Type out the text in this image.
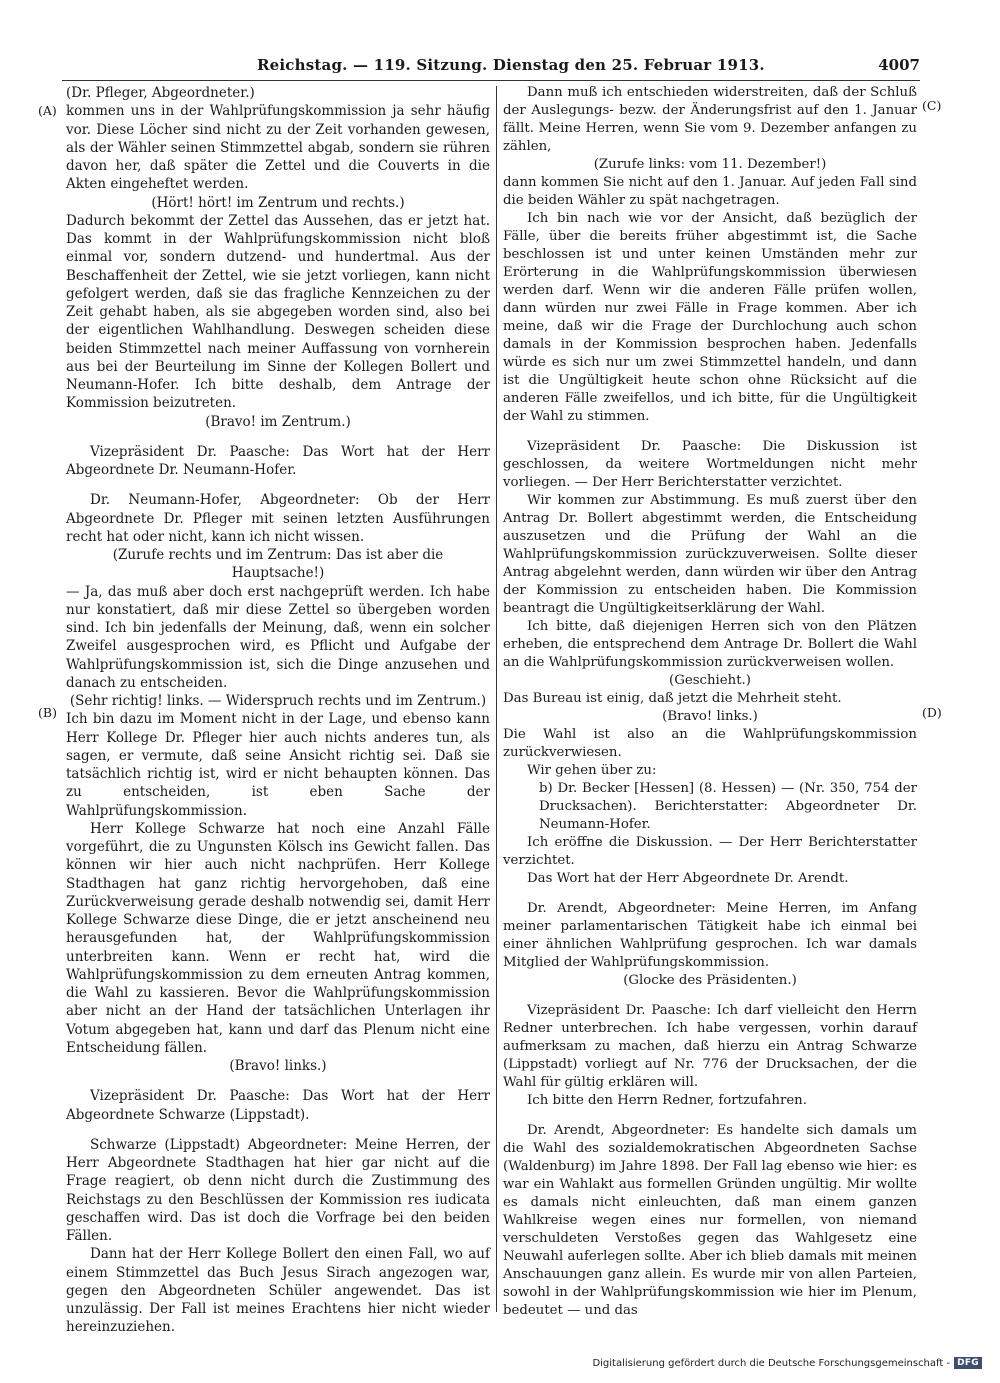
Reichstag. — 119. Sitzung. Dienstag den 25. Februar 1913.	4007
(A)
(B)
(C)
(D)

(Dr. Pfleger, Abgeordneter.)

kommen uns in der Wahlprüfungskommission ja sehr häufig vor. Diese Löcher sind nicht zu der Zeit vorhanden gewesen, als der Wähler seinen Stimmzettel abgab, sondern sie rühren davon her, daß später die Zettel und die Couverts in die Akten eingeheftet werden.

(Hört! hört! im Zentrum und rechts.)

Dadurch bekommt der Zettel das Aussehen, das er jetzt hat. Das kommt in der Wahlprüfungskommission nicht bloß einmal vor, sondern dutzend- und hundertmal. Aus der Beschaffenheit der Zettel, wie sie jetzt vorliegen, kann nicht gefolgert werden, daß sie das fragliche Kennzeichen zu der Zeit gehabt haben, als sie abgegeben worden sind, also bei der eigentlichen Wahlhandlung. Deswegen scheiden diese beiden Stimmzettel nach meiner Auffassung von vornherein aus bei der Beurteilung im Sinne der Kollegen Bollert und Neumann-Hofer. Ich bitte deshalb, dem Antrage der Kommission beizutreten.

(Bravo! im Zentrum.)

Vizepräsident Dr. Paasche: Das Wort hat der Herr Abgeordnete Dr. Neumann-Hofer.

Dr. Neumann-Hofer, Abgeordneter: Ob der Herr Abgeordnete Dr. Pfleger mit seinen letzten Ausführungen recht hat oder nicht, kann ich nicht wissen.

(Zurufe rechts und im Zentrum: Das ist aber die Hauptsache!)

— Ja, das muß aber doch erst nachgeprüft werden. Ich habe nur konstatiert, daß mir diese Zettel so übergeben worden sind. Ich bin jedenfalls der Meinung, daß, wenn ein solcher Zweifel ausgesprochen wird, es Pflicht und Aufgabe der Wahlprüfungskommission ist, sich die Dinge anzusehen und danach zu entscheiden.

(Sehr richtig! links. — Widerspruch rechts und im Zentrum.)

Ich bin dazu im Moment nicht in der Lage, und ebenso kann Herr Kollege Dr. Pfleger hier auch nichts anderes tun, als sagen, er vermute, daß seine Ansicht richtig sei. Daß sie tatsächlich richtig ist, wird er nicht behaupten können. Das zu entscheiden, ist eben Sache der Wahlprüfungskommission.

Herr Kollege Schwarze hat noch eine Anzahl Fälle vorgeführt, die zu Ungunsten Kölsch ins Gewicht fallen. Das können wir hier auch nicht nachprüfen. Herr Kollege Stadthagen hat ganz richtig hervorgehoben, daß eine Zurückverweisung gerade deshalb notwendig sei, damit Herr Kollege Schwarze diese Dinge, die er jetzt anscheinend neu herausgefunden hat, der Wahlprüfungskommission unterbreiten kann. Wenn er recht hat, wird die Wahlprüfungskommission zu dem erneuten Antrag kommen, die Wahl zu kassieren. Bevor die Wahlprüfungskommission aber nicht an der Hand der tatsächlichen Unterlagen ihr Votum abgegeben hat, kann und darf das Plenum nicht eine Entscheidung fällen.

(Bravo! links.)

Vizepräsident Dr. Paasche: Das Wort hat der Herr Abgeordnete Schwarze (Lippstadt).

Schwarze (Lippstadt) Abgeordneter: Meine Herren, der Herr Abgeordnete Stadthagen hat hier gar nicht auf die Frage reagiert, ob denn nicht durch die Zustimmung des Reichstags zu den Beschlüssen der Kommission res iudicata geschaffen wird. Das ist doch die Vorfrage bei den beiden Fällen.

Dann hat der Herr Kollege Bollert den einen Fall, wo auf einem Stimmzettel das Buch Jesus Sirach angezogen war, gegen den Abgeordneten Schüler angewendet. Das ist unzulässig. Der Fall ist meines Erachtens hier nicht wieder hereinzuziehen.

Dann muß ich entschieden widerstreiten, daß der Schluß der Auslegungs- bezw. der Änderungsfrist auf den 1. Januar fällt. Meine Herren, wenn Sie vom 9. Dezember anfangen zu zählen,

(Zurufe links: vom 11. Dezember!)

dann kommen Sie nicht auf den 1. Januar. Auf jeden Fall sind die beiden Wähler zu spät nachgetragen.

Ich bin nach wie vor der Ansicht, daß bezüglich der Fälle, über die bereits früher abgestimmt ist, die Sache beschlossen ist und unter keinen Umständen mehr zur Erörterung in die Wahlprüfungskommission überwiesen werden darf. Wenn wir die anderen Fälle prüfen wollen, dann würden nur zwei Fälle in Frage kommen. Aber ich meine, daß wir die Frage der Durchlochung auch schon damals in der Kommission besprochen haben. Jedenfalls würde es sich nur um zwei Stimmzettel handeln, und dann ist die Ungültigkeit heute schon ohne Rücksicht auf die anderen Fälle zweifellos, und ich bitte, für die Ungültigkeit der Wahl zu stimmen.

Vizepräsident Dr. Paasche: Die Diskussion ist geschlossen, da weitere Wortmeldungen nicht mehr vorliegen. — Der Herr Berichterstatter verzichtet.

Wir kommen zur Abstimmung. Es muß zuerst über den Antrag Dr. Bollert abgestimmt werden, die Entscheidung auszusetzen und die Prüfung der Wahl an die Wahlprüfungskommission zurückzuverweisen. Sollte dieser Antrag abgelehnt werden, dann würden wir über den Antrag der Kommission zu entscheiden haben. Die Kommission beantragt die Ungültigkeitserklärung der Wahl.

Ich bitte, daß diejenigen Herren sich von den Plätzen erheben, die entsprechend dem Antrage Dr. Bollert die Wahl an die Wahlprüfungskommission zurückverweisen wollen.

(Geschieht.)

Das Bureau ist einig, daß jetzt die Mehrheit steht.

(Bravo! links.)

Die Wahl ist also an die Wahlprüfungskommission zurückverwiesen.

Wir gehen über zu:

b) Dr. Becker [Hessen] (8. Hessen) — (Nr. 350, 754 der Drucksachen). Berichterstatter: Abgeordneter Dr. Neumann-Hofer.

Ich eröffne die Diskussion. — Der Herr Berichterstatter verzichtet.

Das Wort hat der Herr Abgeordnete Dr. Arendt.

Dr. Arendt, Abgeordneter: Meine Herren, im Anfang meiner parlamentarischen Tätigkeit habe ich einmal bei einer ähnlichen Wahlprüfung gesprochen. Ich war damals Mitglied der Wahlprüfungskommission.

(Glocke des Präsidenten.)

Vizepräsident Dr. Paasche: Ich darf vielleicht den Herrn Redner unterbrechen. Ich habe vergessen, vorhin darauf aufmerksam zu machen, daß hierzu ein Antrag Schwarze (Lippstadt) vorliegt auf Nr. 776 der Drucksachen, der die Wahl für gültig erklären will.

Ich bitte den Herrn Redner, fortzufahren.

Dr. Arendt, Abgeordneter: Es handelte sich damals um die Wahl des sozialdemokratischen Abgeordneten Sachse (Waldenburg) im Jahre 1898. Der Fall lag ebenso wie hier: es war ein Wahlakt aus formellen Gründen ungültig. Mir wollte es damals nicht einleuchten, daß man einem ganzen Wahlkreise wegen eines nur formellen, von niemand verschuldeten Verstoßes gegen das Wahlgesetz eine Neuwahl auferlegen sollte. Aber ich blieb damals mit meinen Anschauungen ganz allein. Es wurde mir von allen Parteien, sowohl in der Wahlprüfungskommission wie hier im Plenum, bedeutet — und das

Digitalisierung gefördert durch die Deutsche Forschungsgemeinschaft - DFG
